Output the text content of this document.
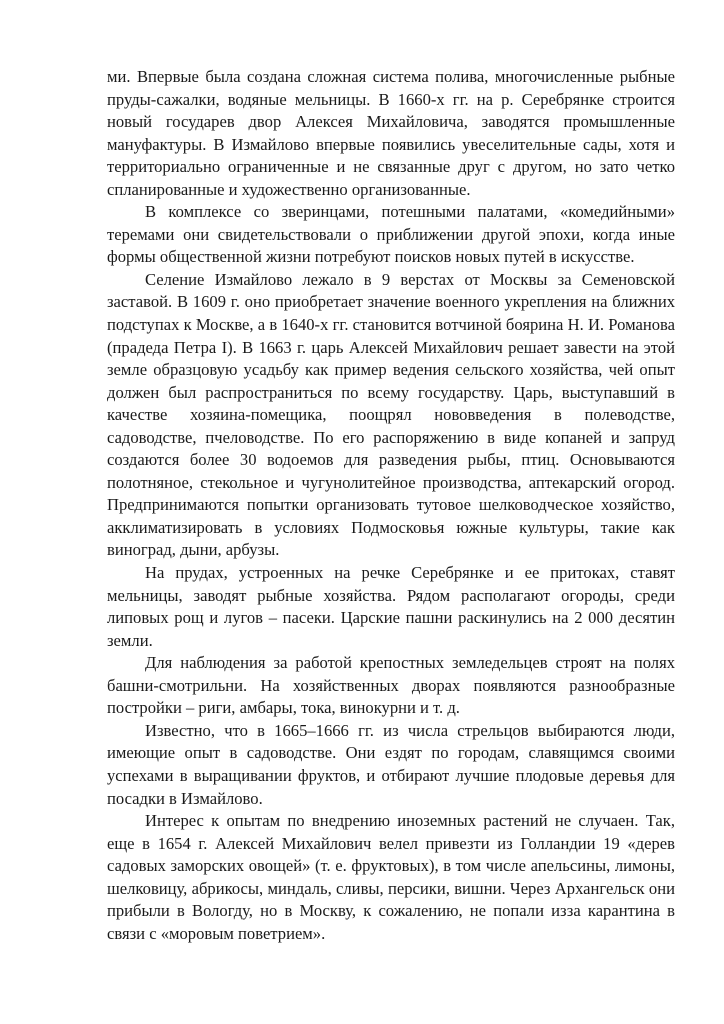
ми. Впервые была создана сложная система полива, многочисленные рыбные пруды-сажалки, водяные мельницы. В 1660-х гг. на р. Серебрянке строится новый государев двор Алексея Михайловича, заводятся промышленные мануфактуры. В Измайлово впервые появились увеселительные сады, хотя и территориально ограниченные и не связанные друг с другом, но зато четко спланированные и художественно организованные.

В комплексе со зверинцами, потешными палатами, «комедийными» теремами они свидетельствовали о приближении другой эпохи, когда иные формы общественной жизни потребуют поисков новых путей в искусстве.

Селение Измайлово лежало в 9 верстах от Москвы за Семеновской заставой. В 1609 г. оно приобретает значение военного укрепления на ближних подступах к Москве, а в 1640-х гг. становится вотчиной боярина Н. И. Романова (прадеда Петра I). В 1663 г. царь Алексей Михайлович решает завести на этой земле образцовую усадьбу как пример ведения сельского хозяйства, чей опыт должен был распространиться по всему государству. Царь, выступавший в качестве хозяина-помещика, поощрял нововведения в полеводстве, садоводстве, пчеловодстве. По его распоряжению в виде копаней и запруд создаются более 30 водоемов для разведения рыбы, птиц. Основываются полотняное, стекольное и чугунолитейное производства, аптекарский огород. Предпринимаются попытки организовать тутовое шелководческое хозяйство, акклиматизировать в условиях Подмосковья южные культуры, такие как виноград, дыни, арбузы.

На прудах, устроенных на речке Серебрянке и ее притоках, ставят мельницы, заводят рыбные хозяйства. Рядом располагают огороды, среди липовых рощ и лугов – пасеки. Царские пашни раскинулись на 2 000 десятин земли.

Для наблюдения за работой крепостных земледельцев строят на полях башни-смотрильни. На хозяйственных дворах появляются разнообразные постройки – риги, амбары, тока, винокурни и т. д.

Известно, что в 1665–1666 гг. из числа стрельцов выбираются люди, имеющие опыт в садоводстве. Они ездят по городам, славящимся своими успехами в выращивании фруктов, и отбирают лучшие плодовые деревья для посадки в Измайлово.

Интерес к опытам по внедрению иноземных растений не случаен. Так, еще в 1654 г. Алексей Михайлович велел привезти из Голландии 19 «дерев садовых заморских овощей» (т. е. фруктовых), в том числе апельсины, лимоны, шелковицу, абрикосы, миндаль, сливы, персики, вишни. Через Архангельск они прибыли в Вологду, но в Москву, к сожалению, не попали изза карантина в связи с «моровым поветрием».
